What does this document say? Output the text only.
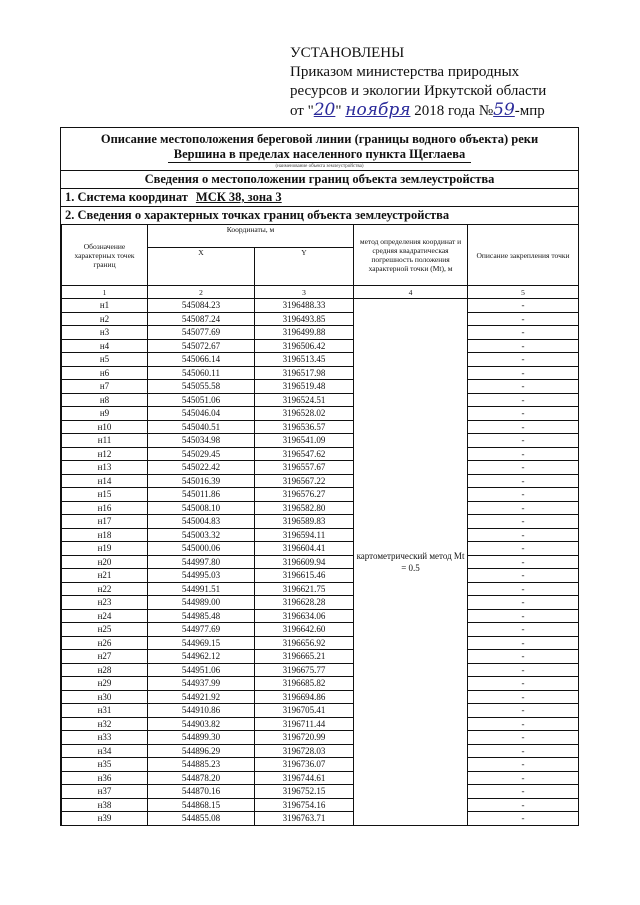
УСТАНОВЛЕНЫ
Приказом министерства природных
ресурсов и экологии Иркутской области
от "20" ноября 2018 года №59-мпр
Описание местоположения береговой линии (границы водного объекта) реки
Вершина в пределах населенного пункта Щеглаева
(наименование объекта землеустройства)
Сведения о местоположении границ объекта землеустройства
1. Система координат МСК 38, зона 3
2. Сведения о характерных точках границ объекта землеустройства
Обозначение характерных точек границ	Координаты, м		метод определения координат и средняя квадратическая погрешность положения характерной точки (Mt), м	Описание закрепления точки
	X	Y		
1	2	3	4	5
н1	545084.23	3196488.33	картометрический метод Mt = 0.5	-
н2	545087.24	3196493.85		-
н3	545077.69	3196499.88		-
н4	545072.67	3196506.42		-
н5	545066.14	3196513.45		-
н6	545060.11	3196517.98		-
н7	545055.58	3196519.48		-
н8	545051.06	3196524.51		-
н9	545046.04	3196528.02		-
н10	545040.51	3196536.57		-
н11	545034.98	3196541.09		-
н12	545029.45	3196547.62		-
н13	545022.42	3196557.67		-
н14	545016.39	3196567.22		-
н15	545011.86	3196576.27		-
н16	545008.10	3196582.80		-
н17	545004.83	3196589.83		-
н18	545003.32	3196594.11		-
н19	545000.06	3196604.41		-
н20	544997.80	3196609.94		-
н21	544995.03	3196615.46		-
н22	544991.51	3196621.75		-
н23	544989.00	3196628.28		-
н24	544985.48	3196634.06		-
н25	544977.69	3196642.60		-
н26	544969.15	3196656.92		-
н27	544962.12	3196665.21		-
н28	544951.06	3196675.77		-
н29	544937.99	3196685.82		-
н30	544921.92	3196694.86		-
н31	544910.86	3196705.41		-
н32	544903.82	3196711.44		-
н33	544899.30	3196720.99		-
н34	544896.29	3196728.03		-
н35	544885.23	3196736.07		-
н36	544878.20	3196744.61		-
н37	544870.16	3196752.15		-
н38	544868.15	3196754.16		-
н39	544855.08	3196763.71		-
